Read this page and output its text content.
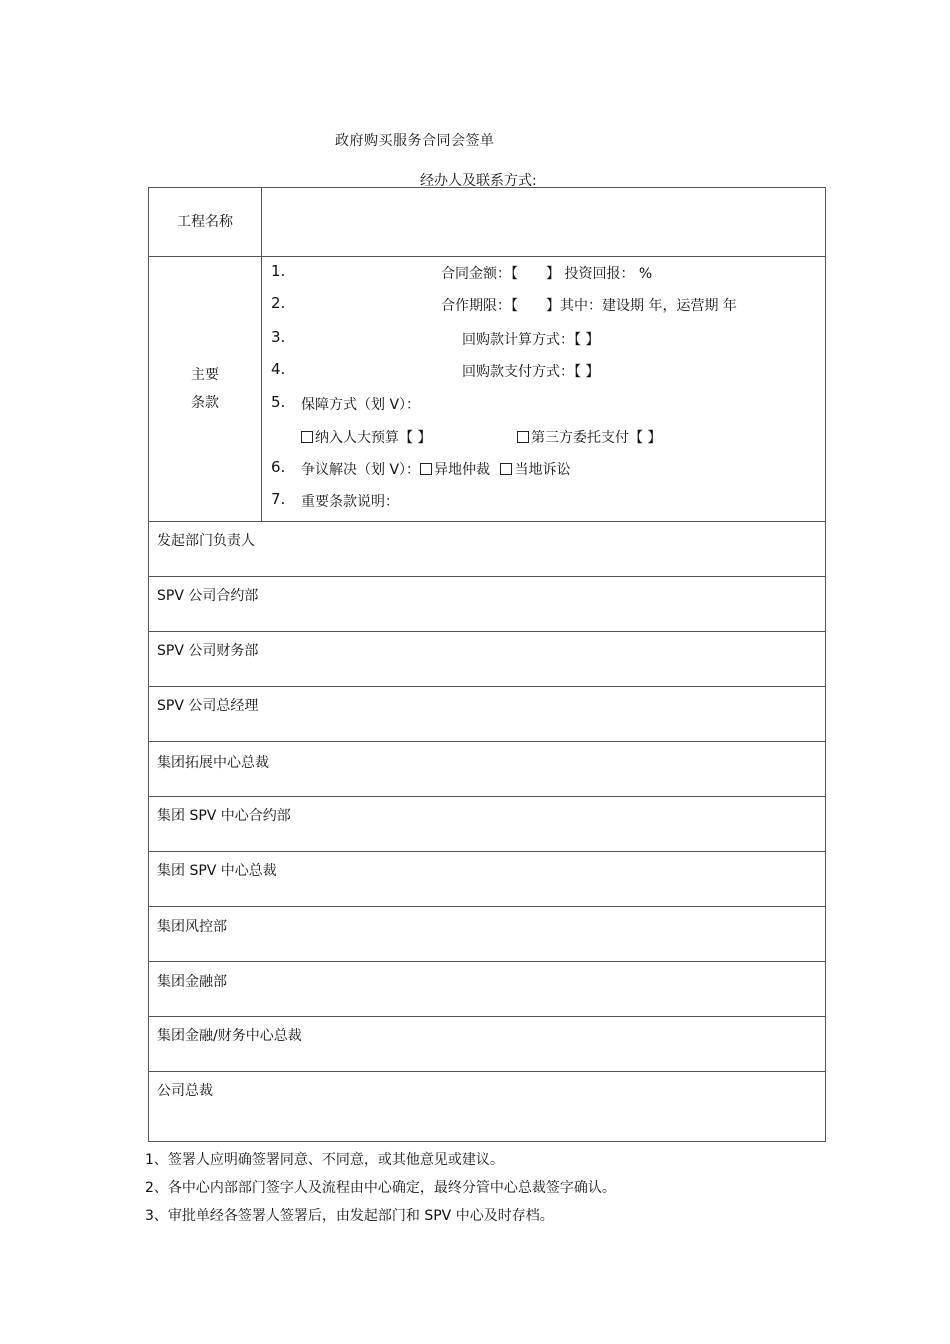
政府购买服务合同会签单
经办人及联系方式:
工程名称
主要
条款
1.	合同金额：【　　】 投资回报： %
2.	合作期限：【　　】其中：建设期 年，运营期 年
3.	回购款计算方式：【 】
4.	回购款支付方式：【 】
5. 保障方式（划 V）：
纳入人大预算【 】	第三方委托支付【 】
6. 争议解决（划 V）： 异地仲裁 当地诉讼
7. 重要条款说明：
发起部门负责人
SPV 公司合约部
SPV 公司财务部
SPV 公司总经理
集团拓展中心总裁
集团 SPV 中心合约部
集团 SPV 中心总裁
集团风控部
集团金融部
集团金融/财务中心总裁
公司总裁
1、签署人应明确签署同意、不同意，或其他意见或建议。
2、各中心内部部门签字人及流程由中心确定，最终分管中心总裁签字确认。
3、审批单经各签署人签署后，由发起部门和 SPV 中心及时存档。
